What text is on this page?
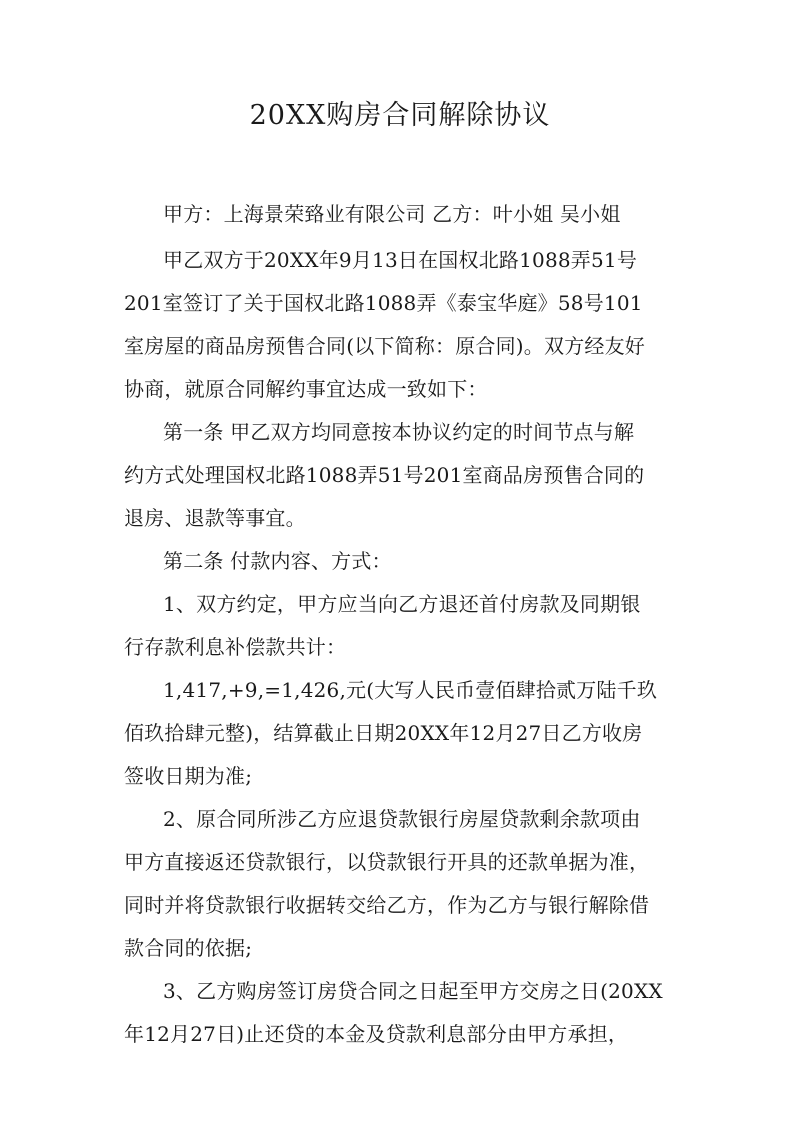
20XX购房合同解除协议
甲方：上海景荣臵业有限公司 乙方：叶小姐 吴小姐
甲乙双方于20XX年9月13日在国权北路1088弄51号
201室签订了关于国权北路1088弄《泰宝华庭》58号101
室房屋的商品房预售合同(以下简称：原合同)。双方经友好
协商，就原合同解约事宜达成一致如下：
第一条 甲乙双方均同意按本协议约定的时间节点与解
约方式处理国权北路1088弄51号201室商品房预售合同的
退房、退款等事宜。
第二条 付款内容、方式：
1、双方约定，甲方应当向乙方退还首付房款及同期银
行存款利息补偿款共计：
1,417,+9,=1,426,元(大写人民币壹佰肆拾贰万陆千玖
佰玖拾肆元整)，结算截止日期20XX年12月27日乙方收房
签收日期为准;
2、原合同所涉乙方应退贷款银行房屋贷款剩余款项由
甲方直接返还贷款银行，以贷款银行开具的还款单据为准，
同时并将贷款银行收据转交给乙方，作为乙方与银行解除借
款合同的依据;
3、乙方购房签订房贷合同之日起至甲方交房之日(20XX
年12月27日)止还贷的本金及贷款利息部分由甲方承担，
